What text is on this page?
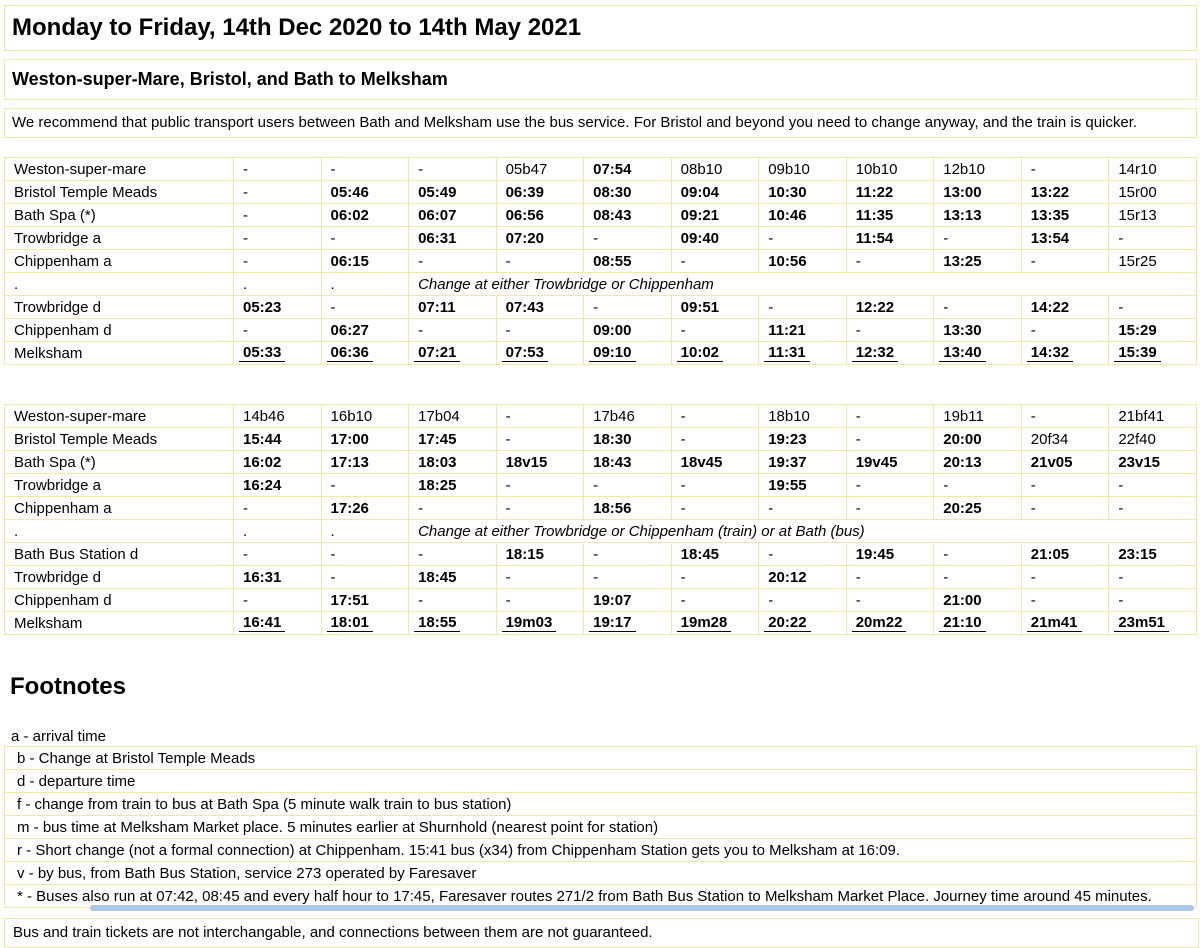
Monday to Friday, 14th Dec 2020 to 14th May 2021
Weston-super-Mare, Bristol, and Bath to Melksham
We recommend that public transport users between Bath and Melksham use the bus service. For Bristol and beyond you need to change anyway, and the train is quicker.
Weston-super-mare	-	-	-	05b47	07:54	08b10	09b10	10b10	12b10	-	14r10
Bristol Temple Meads	-	05:46	05:49	06:39	08:30	09:04	10:30	11:22	13:00	13:22	15r00
Bath Spa (*)	-	06:02	06:07	06:56	08:43	09:21	10:46	11:35	13:13	13:35	15r13
Trowbridge a	-	-	06:31	07:20	-	09:40	-	11:54	-	13:54	-
Chippenham a	-	06:15	-	-	08:55	-	10:56	-	13:25	-	15r25
.	.	.	Change at either Trowbridge or Chippenham								
Trowbridge d	05:23	-	07:11	07:43	-	09:51	-	12:22	-	14:22	-
Chippenham d	-	06:27	-	-	09:00	-	11:21	-	13:30	-	15:29
Melksham	05:33	06:36	07:21	07:53	09:10	10:02	11:31	12:32	13:40	14:32	15:39
Weston-super-mare	14b46	16b10	17b04	-	17b46	-	18b10	-	19b11	-	21bf41
Bristol Temple Meads	15:44	17:00	17:45	-	18:30	-	19:23	-	20:00	20f34	22f40
Bath Spa (*)	16:02	17:13	18:03	18v15	18:43	18v45	19:37	19v45	20:13	21v05	23v15
Trowbridge a	16:24	-	18:25	-	-	-	19:55	-	-	-	-
Chippenham a	-	17:26	-	-	18:56	-	-	-	20:25	-	-
.	.	.	Change at either Trowbridge or Chippenham (train) or at Bath (bus)								
Bath Bus Station d	-	-	-	18:15	-	18:45	-	19:45	-	21:05	23:15
Trowbridge d	16:31	-	18:45	-	-	-	20:12	-	-	-	-
Chippenham d	-	17:51	-	-	19:07	-	-	-	21:00	-	-
Melksham	16:41	18:01	18:55	19m03	19:17	19m28	20:22	20m22	21:10	21m41	23m51
Footnotes
a - arrival time
b - Change at Bristol Temple Meads
d - departure time
f - change from train to bus at Bath Spa (5 minute walk train to bus station)
m - bus time at Melksham Market place. 5 minutes earlier at Shurnhold (nearest point for station)
r - Short change (not a formal connection) at Chippenham. 15:41 bus (x34) from Chippenham Station gets you to Melksham at 16:09.
v - by bus, from Bath Bus Station, service 273 operated by Faresaver
* - Buses also run at 07:42, 08:45 and every half hour to 17:45, Faresaver routes 271/2 from Bath Bus Station to Melksham Market Place. Journey time around 45 minutes.
Bus and train tickets are not interchangable, and connections between them are not guaranteed.
